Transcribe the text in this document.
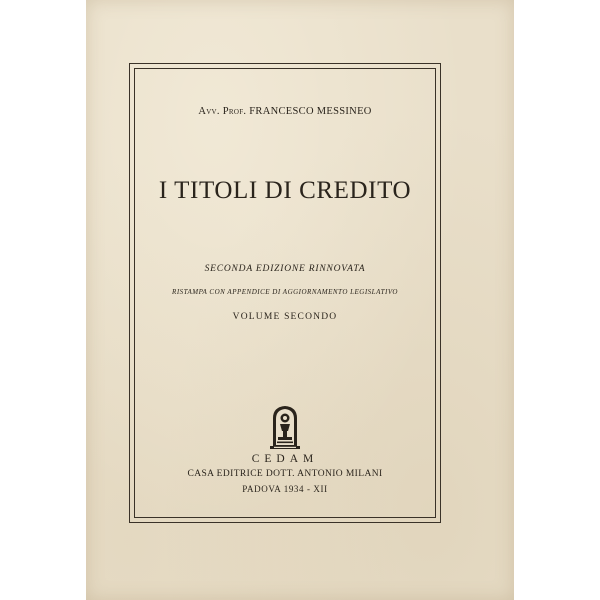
Avv. Prof. FRANCESCO MESSINEO
I TITOLI DI CREDITO
SECONDA EDIZIONE RINNOVATA
RISTAMPA CON APPENDICE DI AGGIORNAMENTO LEGISLATIVO
VOLUME SECONDO
CEDAM
CASA EDITRICE DOTT. ANTONIO MILANI
PADOVA 1934 - XII
